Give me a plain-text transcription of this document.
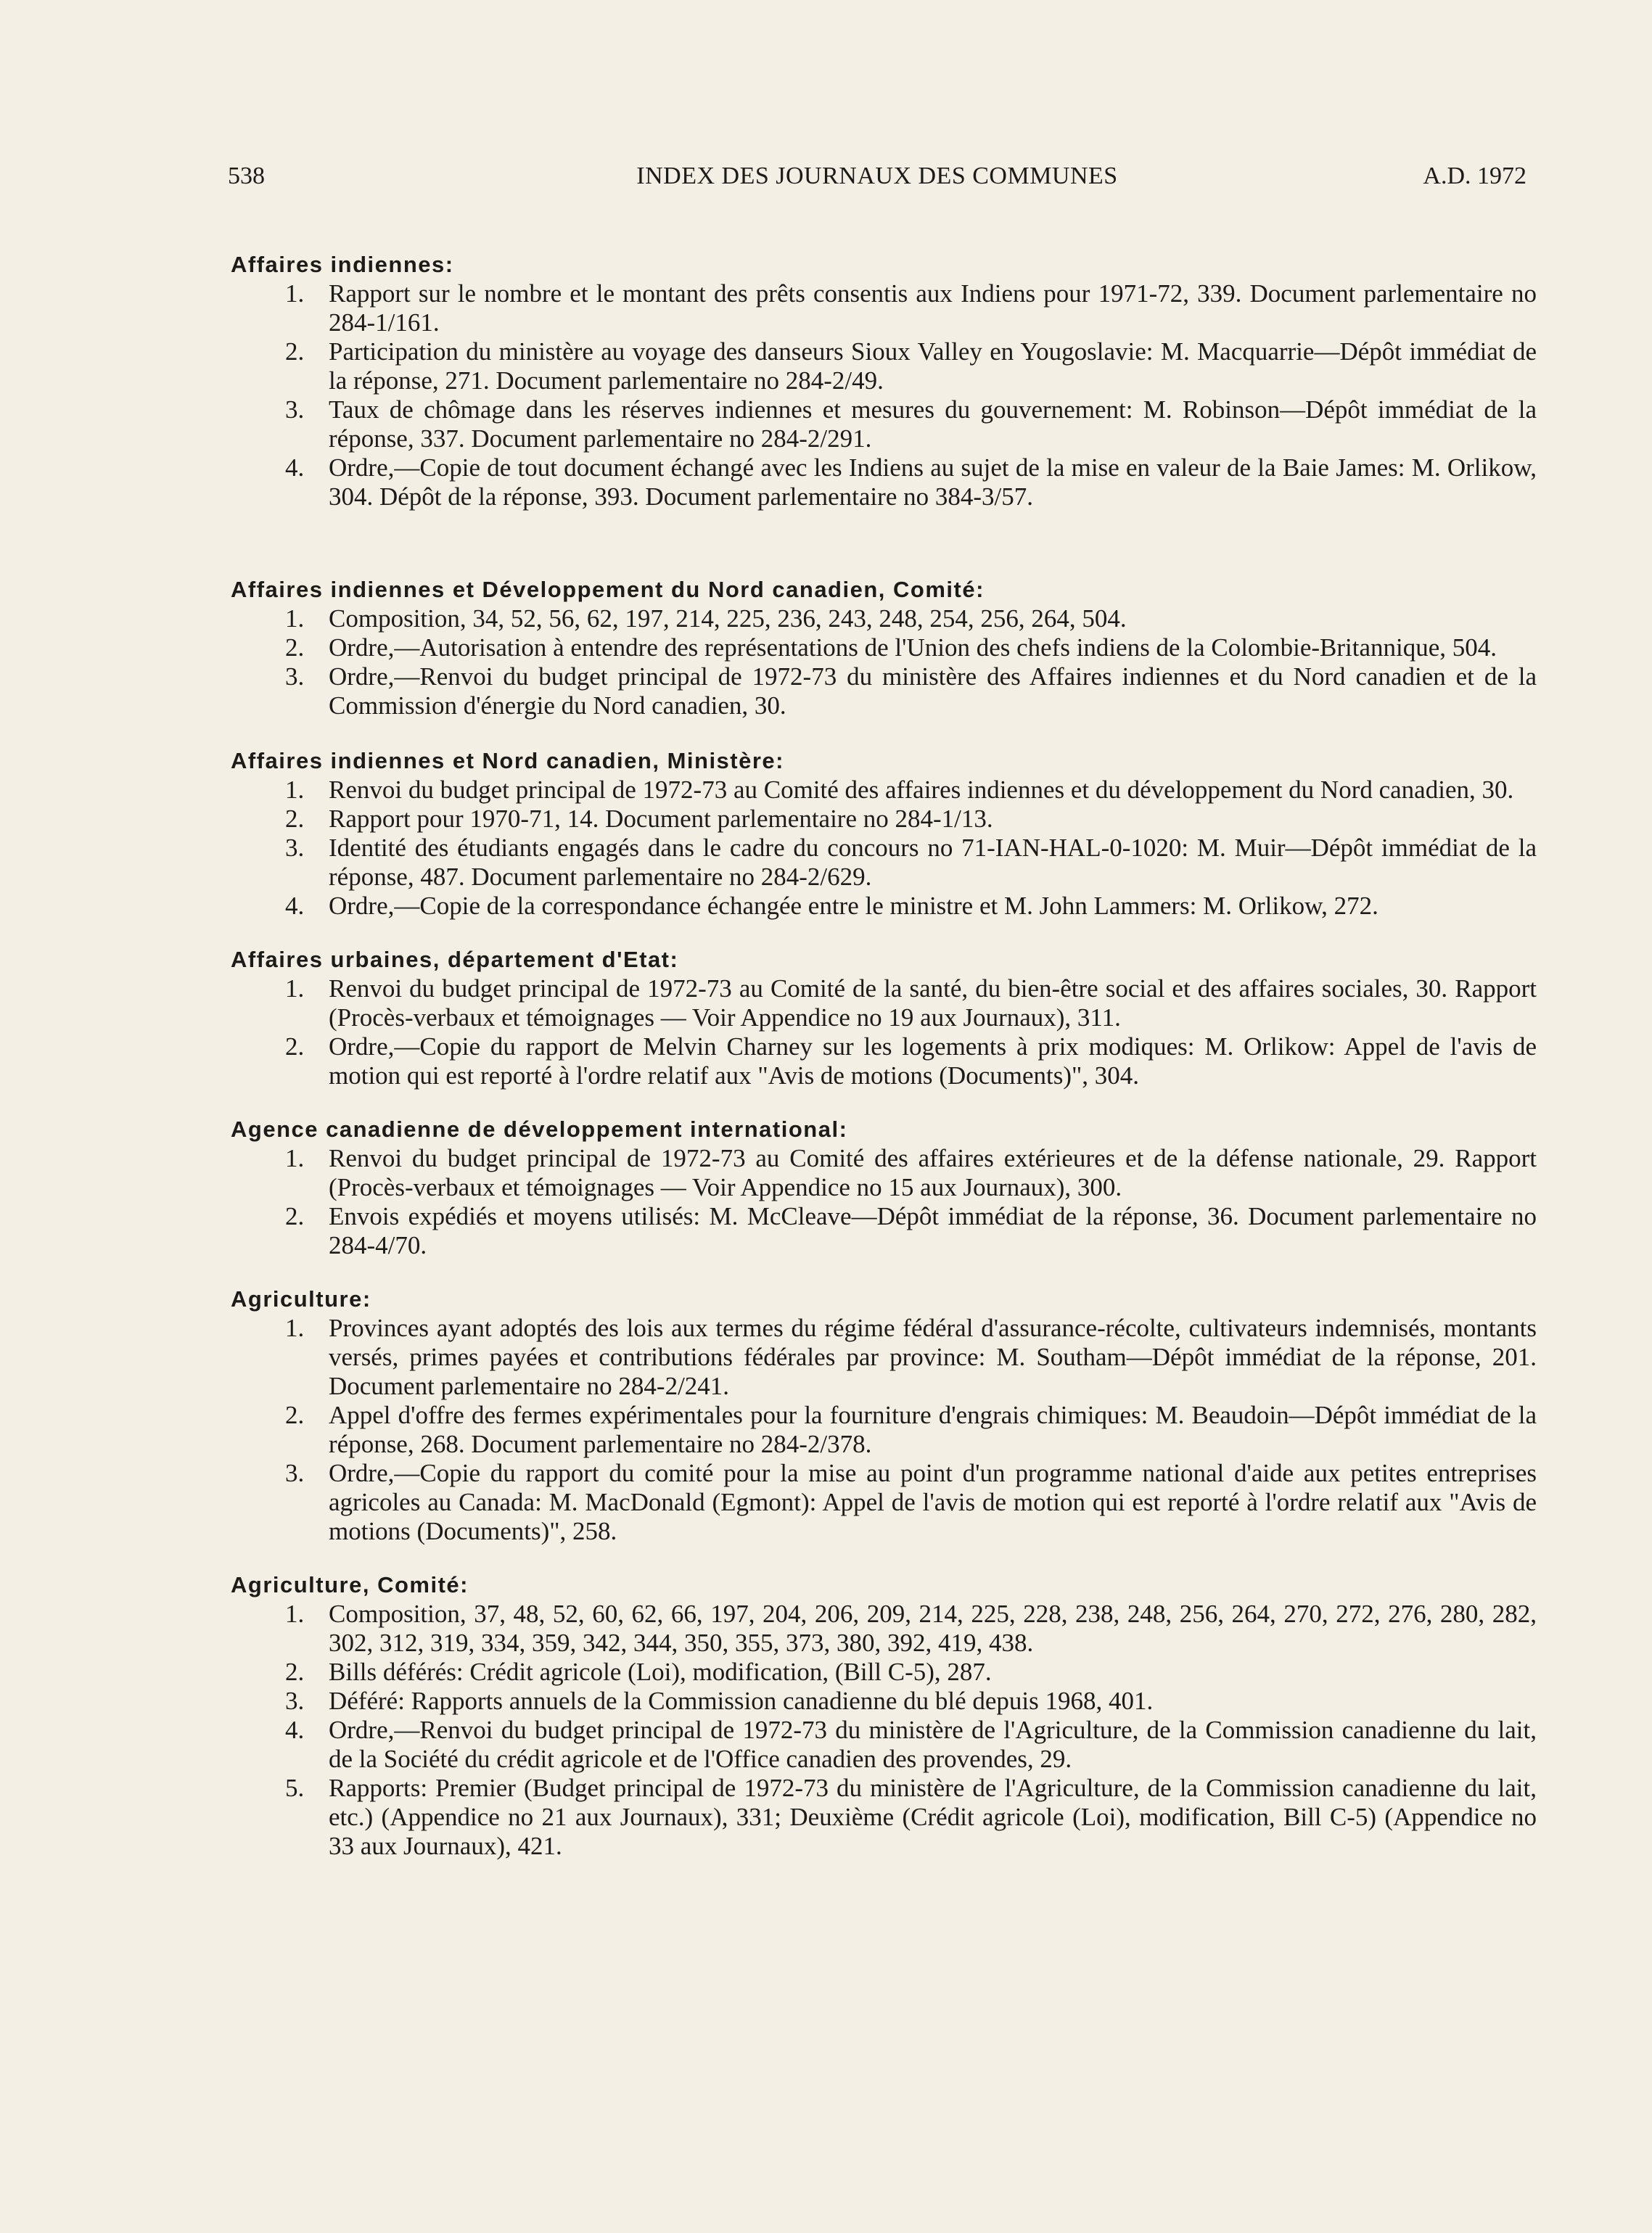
538	INDEX DES JOURNAUX DES COMMUNES	A.D. 1972
Affaires indiennes:
1. Rapport sur le nombre et le montant des prêts consentis aux Indiens pour 1971-72, 339. Document parlementaire no 284-1/161.
2. Participation du ministère au voyage des danseurs Sioux Valley en Yougoslavie: M. Macquarrie—Dépôt immédiat de la réponse, 271. Document parlementaire no 284-2/49.
3. Taux de chômage dans les réserves indiennes et mesures du gouvernement: M. Robinson—Dépôt immédiat de la réponse, 337. Document parlementaire no 284-2/291.
4. Ordre,—Copie de tout document échangé avec les Indiens au sujet de la mise en valeur de la Baie James: M. Orlikow, 304. Dépôt de la réponse, 393. Document parlementaire no 384-3/57.
Affaires indiennes et Développement du Nord canadien, Comité:
1. Composition, 34, 52, 56, 62, 197, 214, 225, 236, 243, 248, 254, 256, 264, 504.
2. Ordre,—Autorisation à entendre des représentations de l'Union des chefs indiens de la Colombie-Britannique, 504.
3. Ordre,—Renvoi du budget principal de 1972-73 du ministère des Affaires indiennes et du Nord canadien et de la Commission d'énergie du Nord canadien, 30.
Affaires indiennes et Nord canadien, Ministère:
1. Renvoi du budget principal de 1972-73 au Comité des affaires indiennes et du développement du Nord canadien, 30.
2. Rapport pour 1970-71, 14. Document parlementaire no 284-1/13.
3. Identité des étudiants engagés dans le cadre du concours no 71-IAN-HAL-0-1020: M. Muir—Dépôt immédiat de la réponse, 487. Document parlementaire no 284-2/629.
4. Ordre,—Copie de la correspondance échangée entre le ministre et M. John Lammers: M. Orlikow, 272.
Affaires urbaines, département d'Etat:
1. Renvoi du budget principal de 1972-73 au Comité de la santé, du bien-être social et des affaires sociales, 30. Rapport (Procès-verbaux et témoignages — Voir Appendice no 19 aux Journaux), 311.
2. Ordre,—Copie du rapport de Melvin Charney sur les logements à prix modiques: M. Orlikow: Appel de l'avis de motion qui est reporté à l'ordre relatif aux "Avis de motions (Documents)", 304.
Agence canadienne de développement international:
1. Renvoi du budget principal de 1972-73 au Comité des affaires extérieures et de la défense nationale, 29. Rapport (Procès-verbaux et témoignages — Voir Appendice no 15 aux Journaux), 300.
2. Envois expédiés et moyens utilisés: M. McCleave—Dépôt immédiat de la réponse, 36. Document parlementaire no 284-4/70.
Agriculture:
1. Provinces ayant adoptés des lois aux termes du régime fédéral d'assurance-récolte, cultivateurs indemnisés, montants versés, primes payées et contributions fédérales par province: M. Southam—Dépôt immédiat de la réponse, 201. Document parlementaire no 284-2/241.
2. Appel d'offre des fermes expérimentales pour la fourniture d'engrais chimiques: M. Beaudoin—Dépôt immédiat de la réponse, 268. Document parlementaire no 284-2/378.
3. Ordre,—Copie du rapport du comité pour la mise au point d'un programme national d'aide aux petites entreprises agricoles au Canada: M. MacDonald (Egmont): Appel de l'avis de motion qui est reporté à l'ordre relatif aux "Avis de motions (Documents)", 258.
Agriculture, Comité:
1. Composition, 37, 48, 52, 60, 62, 66, 197, 204, 206, 209, 214, 225, 228, 238, 248, 256, 264, 270, 272, 276, 280, 282, 302, 312, 319, 334, 359, 342, 344, 350, 355, 373, 380, 392, 419, 438.
2. Bills déférés: Crédit agricole (Loi), modification, (Bill C-5), 287.
3. Déféré: Rapports annuels de la Commission canadienne du blé depuis 1968, 401.
4. Ordre,—Renvoi du budget principal de 1972-73 du ministère de l'Agriculture, de la Commission canadienne du lait, de la Société du crédit agricole et de l'Office canadien des provendes, 29.
5. Rapports: Premier (Budget principal de 1972-73 du ministère de l'Agriculture, de la Commission canadienne du lait, etc.) (Appendice no 21 aux Journaux), 331; Deuxième (Crédit agricole (Loi), modification, Bill C-5) (Appendice no 33 aux Journaux), 421.
